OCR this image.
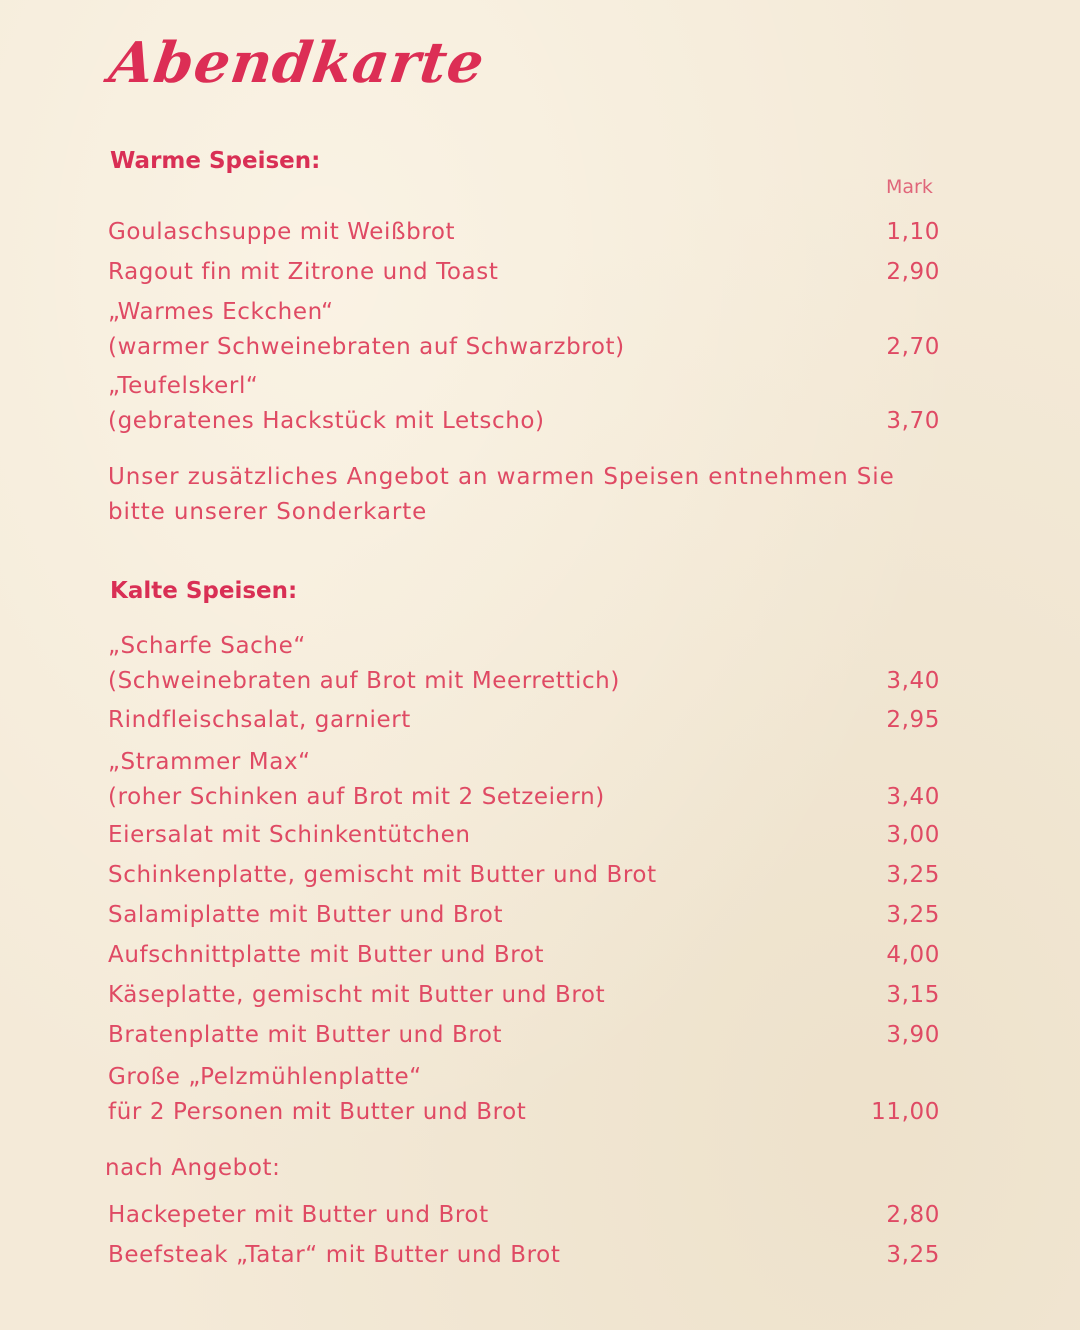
Abendkarte
Warme Speisen:
Mark
Goulaschsuppe mit Weißbrot	1,10
Ragout fin mit Zitrone und Toast	2,90
„Warmes Eckchen“
(warmer Schweinebraten auf Schwarzbrot)	2,70
„Teufelskerl“
(gebratenes Hackstück mit Letscho)	3,70
Unser zusätzliches Angebot an warmen Speisen entnehmen Sie
bitte unserer Sonderkarte
Kalte Speisen:
„Scharfe Sache“
(Schweinebraten auf Brot mit Meerrettich)	3,40
Rindfleischsalat, garniert	2,95
„Strammer Max“
(roher Schinken auf Brot mit 2 Setzeiern)	3,40
Eiersalat mit Schinkentütchen	3,00
Schinkenplatte, gemischt mit Butter und Brot	3,25
Salamiplatte mit Butter und Brot	3,25
Aufschnittplatte mit Butter und Brot	4,00
Käseplatte, gemischt mit Butter und Brot	3,15
Bratenplatte mit Butter und Brot	3,90
Große „Pelzmühlenplatte“
für 2 Personen mit Butter und Brot	11,00
nach Angebot:
Hackepeter mit Butter und Brot	2,80
Beefsteak „Tatar“ mit Butter und Brot	3,25
